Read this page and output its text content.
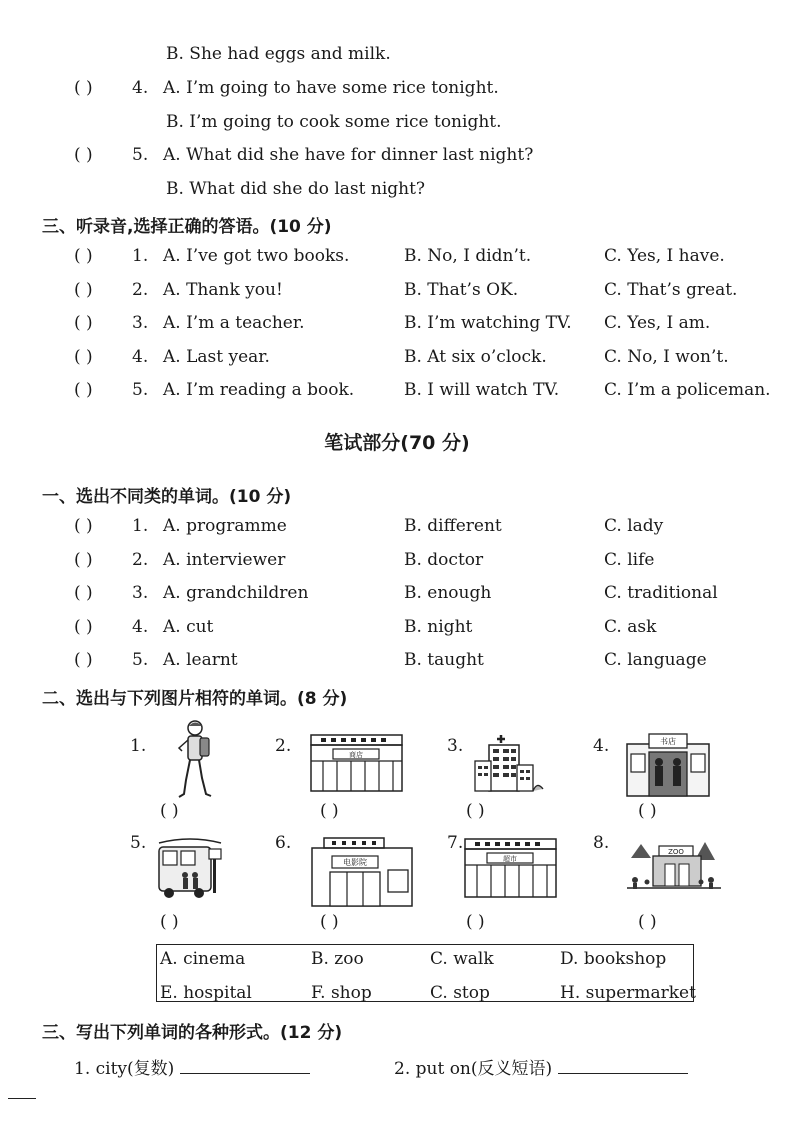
B. She had eggs and milk.
( ) 4. A. I’m going to have some rice tonight.
B. I’m going to cook some rice tonight.
( ) 5. A. What did she have for dinner last night?
B. What did she do last night?
三、听录音,选择正确的答语。(10 分)
( ) 1. A. I’ve got two books.	B. No, I didn’t.	C. Yes, I have.
( ) 2. A. Thank you!	B. That’s OK.	C. That’s great.
( ) 3. A. I’m a teacher.	B. I’m watching TV. C. Yes, I am.
( ) 4. A. Last year.	B. At six o’clock.	C. No, I won’t.
( ) 5. A. I’m reading a book.	B. I will watch TV.	C. I’m a policeman.
笔试部分(70 分)
一、选出不同类的单词。(10 分)
( ) 1. A. programme	B. different	C. lady
( ) 2. A. interviewer	B. doctor	C. life
( ) 3. A. grandchildren	B. enough	C. traditional
( ) 4. A. cut	B. night	C. ask
( ) 5. A. learnt	B. taught	C. language
二、选出与下列图片相符的单词。(8 分)
1.	2.	3.	4.
5.	6.	7.	8.
商店
书店
电影院	超市
ZOO
( )	( )	( )	( )
( )	( )	( )	( )
A. cinema	B. zoo	C. walk	D. bookshop
E. hospital	F. shop	C. stop	H. supermarket
三、写出下列单词的各种形式。(12 分)
1. city(复数)	2. put on(反义短语)
